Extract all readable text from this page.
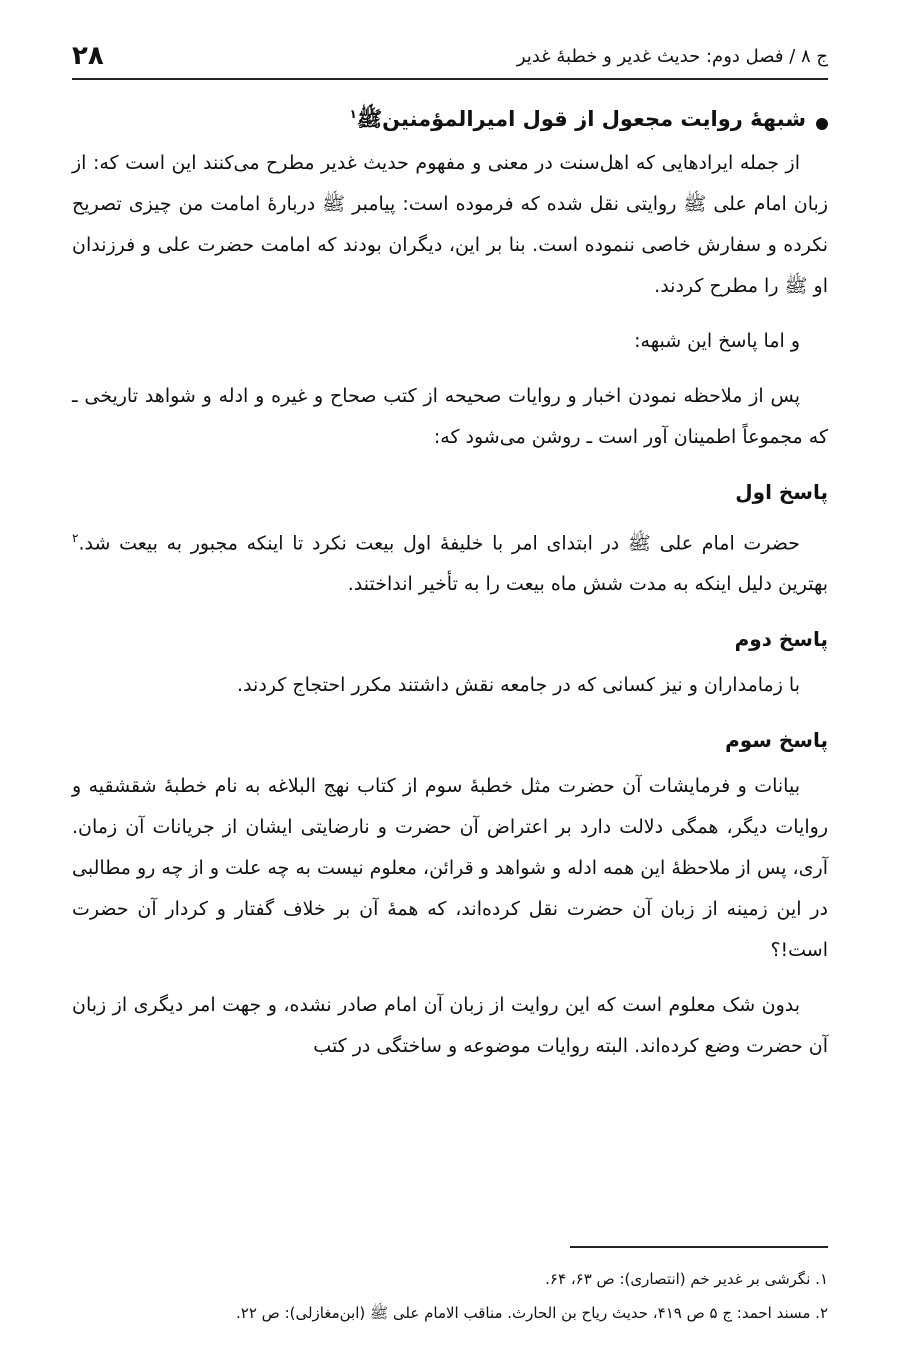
ج ۸ / فصل دوم: حدیث غدیر و خطبهٔ غدیر
۲۸
شبههٔ روایت مجعول از قول امیرالمؤمنینﷺ$^۱$

از جمله ایرادهایی که اهل‌سنت در معنی و مفهوم حدیث غدیر مطرح می‌کنند این است که: از زبان امام علی ﷺ روایتی نقل شده که فرموده است: پیامبر ﷺ دربارهٔ امامت من چیزی تصریح نکرده و سفارش خاصی ننموده است. بنا بر این، دیگران بودند که امامت حضرت علی و فرزندان او ﷺ را مطرح کردند.

و اما پاسخ این شبهه:

پس از ملاحظه نمودن اخبار و روایات صحیحه از کتب صحاح و غیره و ادله و شواهد تاریخی ـ که مجموعاً اطمینان آور است ـ روشن می‌شود که:

پاسخ اول

حضرت امام علی ﷺ در ابتدای امر با خلیفهٔ اول بیعت نکرد تا اینکه مجبور به بیعت شد.$^۲$ بهترین دلیل اینکه به مدت شش ماه بیعت را به تأخیر انداختند.

پاسخ دوم

با زمامداران و نیز کسانی که در جامعه نقش داشتند مکرر احتجاج کردند.

پاسخ سوم

بیانات و فرمایشات آن حضرت مثل خطبهٔ سوم از کتاب نهج البلاغه به نام خطبهٔ شقشقیه و روایات دیگر، همگی دلالت دارد بر اعتراض آن حضرت و نارضایتی ایشان از جریانات آن زمان. آری، پس از ملاحظهٔ این همه ادله و شواهد و قرائن، معلوم نیست به چه علت و از چه رو مطالبی در این زمینه از زبان آن حضرت نقل کرده‌اند، که همهٔ آن بر خلاف گفتار و کردار آن حضرت است!؟

بدون شک معلوم است که این روایت از زبان آن امام صادر نشده، و جهت امر دیگری از زبان آن حضرت وضع کرده‌اند. البته روایات موضوعه و ساختگی در کتب

۱. نگرشی بر غدیر خم (انتصاری): ص ۶۳، ۶۴.
۲. مسند احمد: ج ۵ ص ۴۱۹، حدیث ریاح بن الحارث. مناقب الامام علی ﷺ (ابن‌مغازلی): ص ۲۲.
